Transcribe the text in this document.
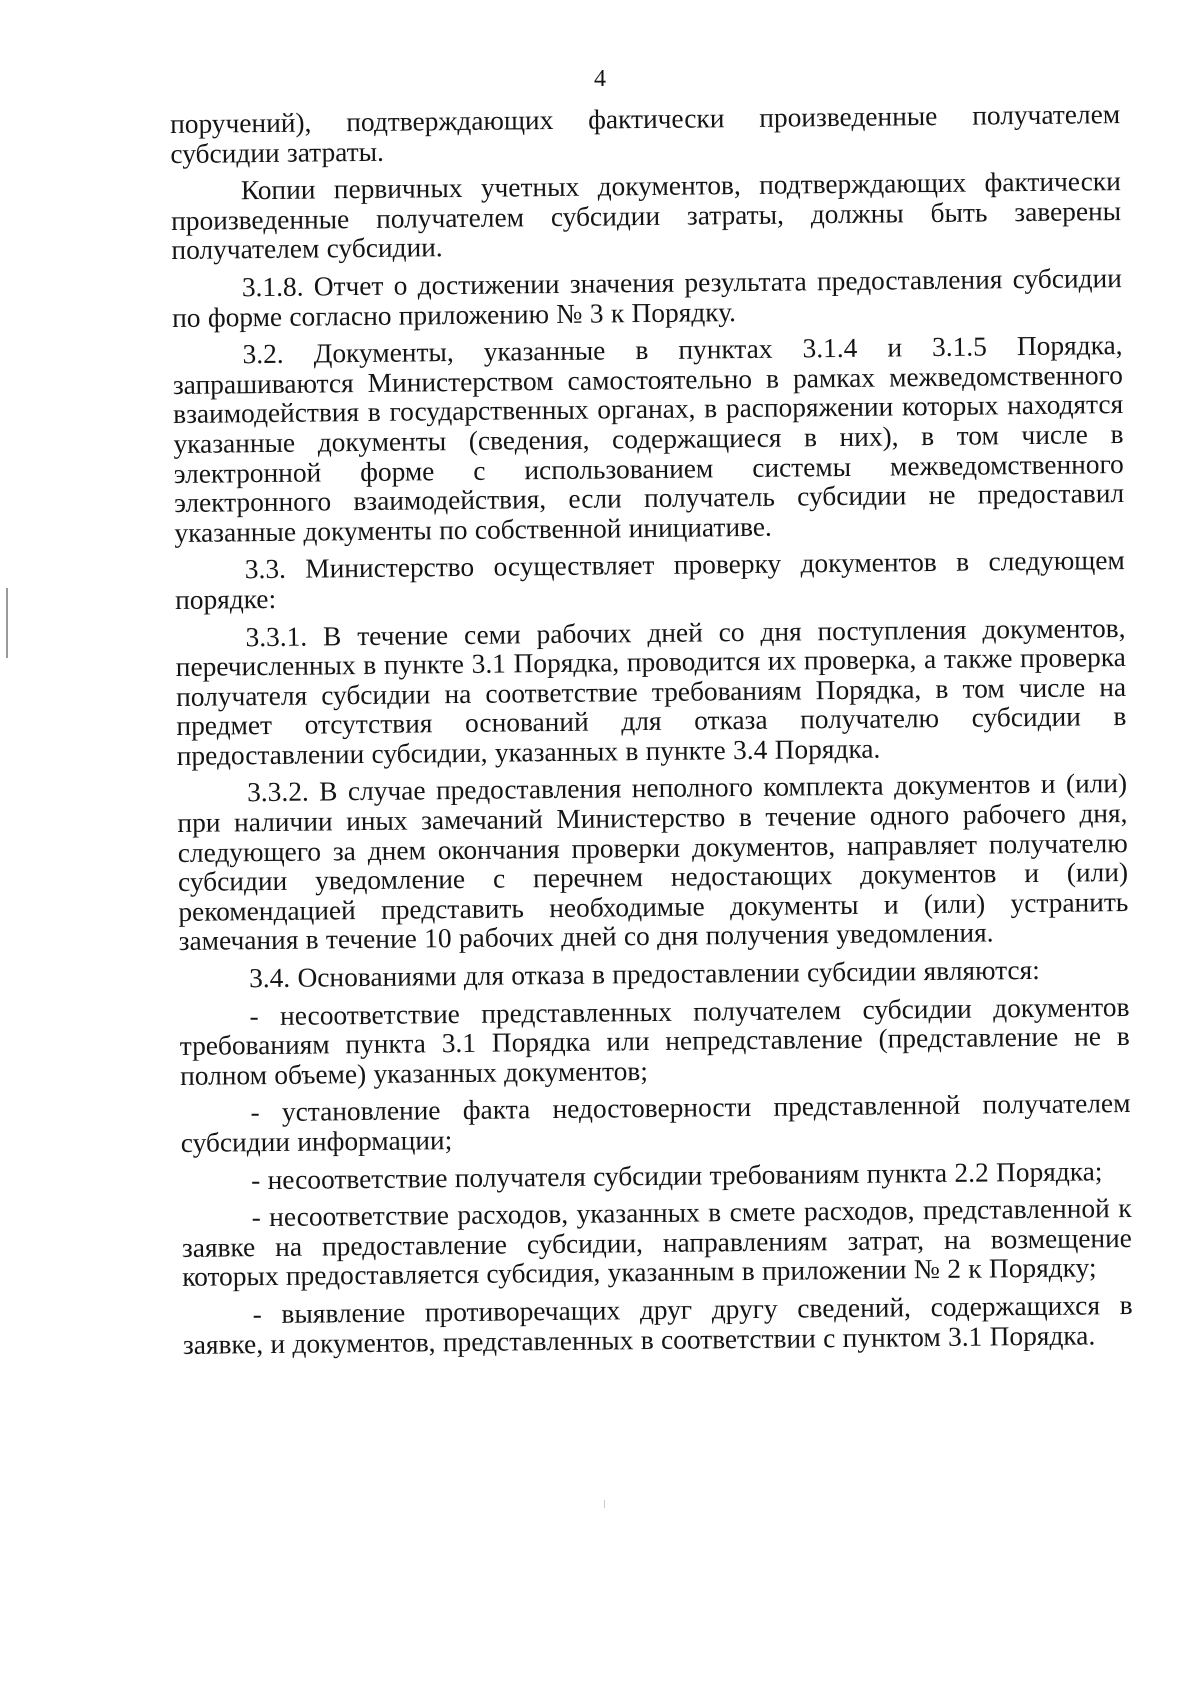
4

поручений), подтверждающих фактически произведенные получателем субсидии затраты.

Копии первичных учетных документов, подтверждающих фактически произведенные получателем субсидии затраты, должны быть заверены получателем субсидии.

3.1.8. Отчет о достижении значения результата предоставления субсидии по форме согласно приложению № 3 к Порядку.

3.2. Документы, указанные в пунктах 3.1.4 и 3.1.5 Порядка, запрашиваются Министерством самостоятельно в рамках межведомственного взаимодействия в государственных органах, в распоряжении которых находятся указанные документы (сведения, содержащиеся в них), в том числе в электронной форме с использованием системы межведомственного электронного взаимодействия, если получатель субсидии не предоставил указанные документы по собственной инициативе.

3.3. Министерство осуществляет проверку документов в следующем порядке:

3.3.1. В течение семи рабочих дней со дня поступления документов, перечисленных в пункте 3.1 Порядка, проводится их проверка, а также проверка получателя субсидии на соответствие требованиям Порядка, в том числе на предмет отсутствия оснований для отказа получателю субсидии в предоставлении субсидии, указанных в пункте 3.4 Порядка.

3.3.2. В случае предоставления неполного комплекта документов и (или) при наличии иных замечаний Министерство в течение одного рабочего дня, следующего за днем окончания проверки документов, направляет получателю субсидии уведомление с перечнем недостающих документов и (или) рекомендацией представить необходимые документы и (или) устранить замечания в течение 10 рабочих дней со дня получения уведомления.

3.4. Основаниями для отказа в предоставлении субсидии являются:

- несоответствие представленных получателем субсидии документов требованиям пункта 3.1 Порядка или непредставление (представление не в полном объеме) указанных документов;

- установление факта недостоверности представленной получателем субсидии информации;

- несоответствие получателя субсидии требованиям пункта 2.2 Порядка;

- несоответствие расходов, указанных в смете расходов, представленной к заявке на предоставление субсидии, направлениям затрат, на возмещение которых предоставляется субсидия, указанным в приложении № 2 к Порядку;

- выявление противоречащих друг другу сведений, содержащихся в заявке, и документов, представленных в соответствии с пунктом 3.1 Порядка.
